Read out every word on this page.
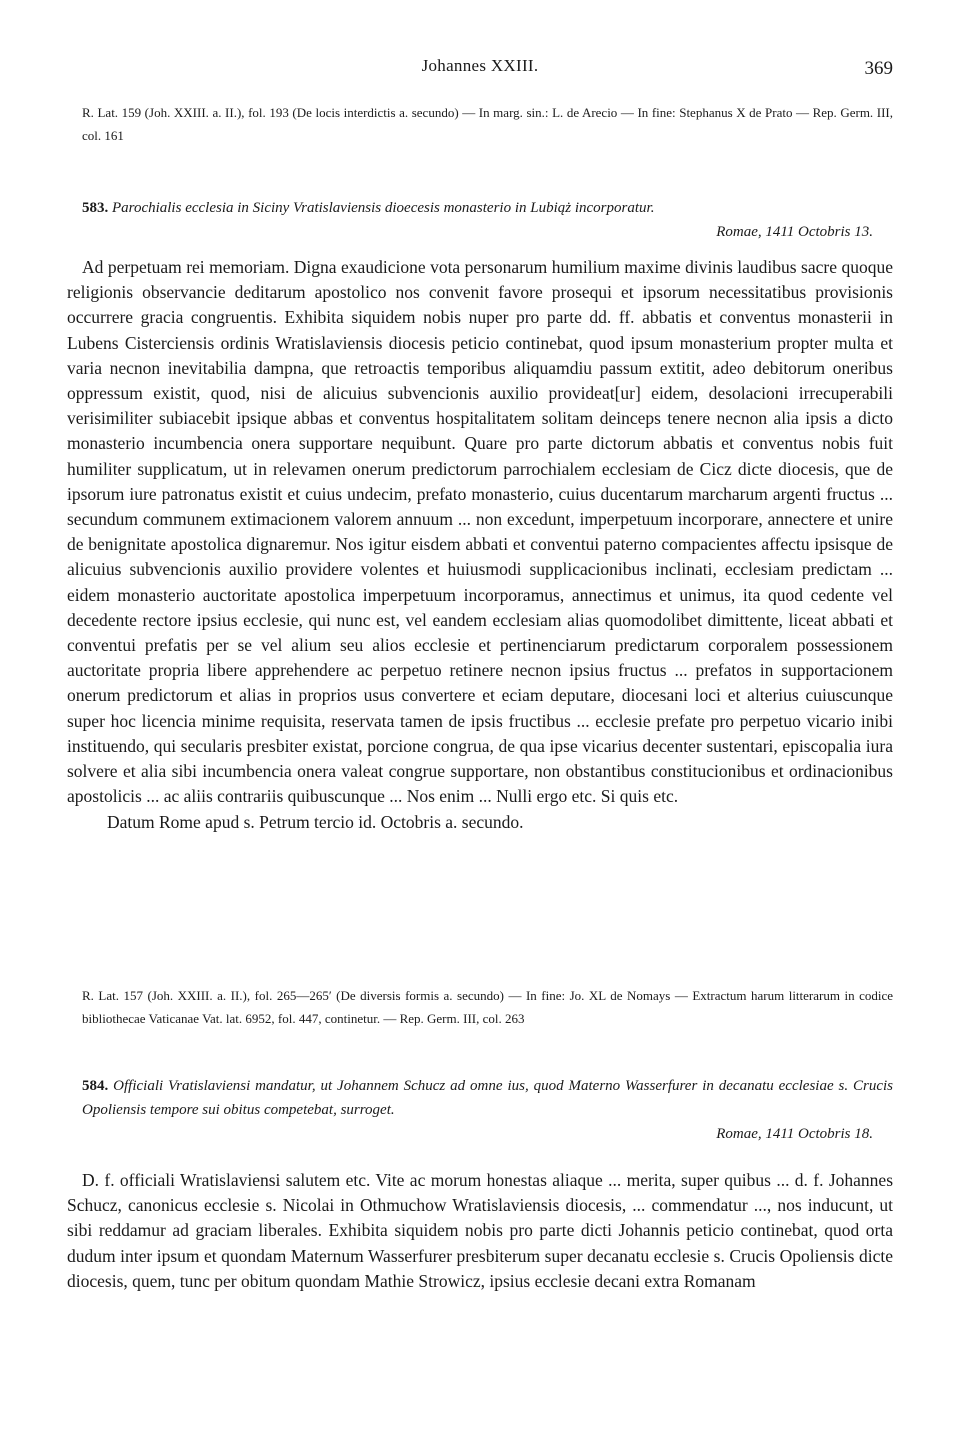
Johannes XXIII.	369

R. Lat. 159 (Joh. XXIII. a. II.), fol. 193 (De locis interdictis a. secundo) — In marg. sin.: L. de Arecio — In fine: Stephanus X de Prato — Rep. Germ. III, col. 161

583. Parochialis ecclesia in Siciny Vratislaviensis dioecesis monasterio in Lubiąż incorporatur.

Romae, 1411 Octobris 13.

Ad perpetuam rei memoriam. Digna exaudicione vota personarum humilium maxime divinis laudibus sacre quoque religionis observancie deditarum apostolico nos convenit favore prosequi et ipsorum necessitatibus provisionis occurrere gracia congruentis. Exhibita siquidem nobis nuper pro parte dd. ff. abbatis et conventus monasterii in Lubens Cisterciensis ordinis Wratislaviensis diocesis peticio continebat, quod ipsum monasterium propter multa et varia necnon inevitabilia dampna, que retroactis temporibus aliquamdiu passum extitit, adeo debitorum oneribus oppressum existit, quod, nisi de alicuius subvencionis auxilio provideat[ur] eidem, desolacioni irrecuperabili verisimiliter subiacebit ipsique abbas et conventus hospitalitatem solitam deinceps tenere necnon alia ipsis a dicto monasterio incumbencia onera supportare nequibunt. Quare pro parte dictorum abbatis et conventus nobis fuit humiliter supplicatum, ut in relevamen onerum predictorum parrochialem ecclesiam de Cicz dicte diocesis, que de ipsorum iure patronatus existit et cuius undecim, prefato monasterio, cuius ducentarum marcharum argenti fructus ... secundum communem extimacionem valorem annuum ... non excedunt, imperpetuum incorporare, annectere et unire de benignitate apostolica dignaremur. Nos igitur eisdem abbati et conventui paterno compacientes affectu ipsisque de alicuius subvencionis auxilio providere volentes et huiusmodi supplicacionibus inclinati, ecclesiam predictam ... eidem monasterio auctoritate apostolica imperpetuum incorporamus, annectimus et unimus, ita quod cedente vel decedente rectore ipsius ecclesie, qui nunc est, vel eandem ecclesiam alias quomodolibet dimittente, liceat abbati et conventui prefatis per se vel alium seu alios ecclesie et pertinenciarum predictarum corporalem possessionem auctoritate propria libere apprehendere ac perpetuo retinere necnon ipsius fructus ... prefatos in supportacionem onerum predictorum et alias in proprios usus convertere et eciam deputare, diocesani loci et alterius cuiuscunque super hoc licencia minime requisita, reservata tamen de ipsis fructibus ... ecclesie prefate pro perpetuo vicario inibi instituendo, qui secularis presbiter existat, porcione congrua, de qua ipse vicarius decenter sustentari, episcopalia iura solvere et alia sibi incumbencia onera valeat congrue supportare, non obstantibus constitucionibus et ordinacionibus apostolicis ... ac aliis contrariis quibuscunque ... Nos enim ... Nulli ergo etc. Si quis etc.

Datum Rome apud s. Petrum tercio id. Octobris a. secundo.

R. Lat. 157 (Joh. XXIII. a. II.), fol. 265—265′ (De diversis formis a. secundo) — In fine: Jo. XL de Nomays — Extractum harum litterarum in codice bibliothecae Vaticanae Vat. lat. 6952, fol. 447, continetur. — Rep. Germ. III, col. 263

584. Officiali Vratislaviensi mandatur, ut Johannem Schucz ad omne ius, quod Materno Wasserfurer in decanatu ecclesiae s. Crucis Opoliensis tempore sui obitus competebat, surroget.

Romae, 1411 Octobris 18.

D. f. officiali Wratislaviensi salutem etc. Vite ac morum honestas aliaque ... merita, super quibus ... d. f. Johannes Schucz, canonicus ecclesie s. Nicolai in Othmuchow Wratislaviensis diocesis, ... commendatur ..., nos inducunt, ut sibi reddamur ad graciam liberales. Exhibita siquidem nobis pro parte dicti Johannis peticio continebat, quod orta dudum inter ipsum et quondam Maternum Wasserfurer presbiterum super decanatu ecclesie s. Crucis Opoliensis dicte diocesis, quem, tunc per obitum quondam Mathie Strowicz, ipsius ecclesie decani extra Romanam
